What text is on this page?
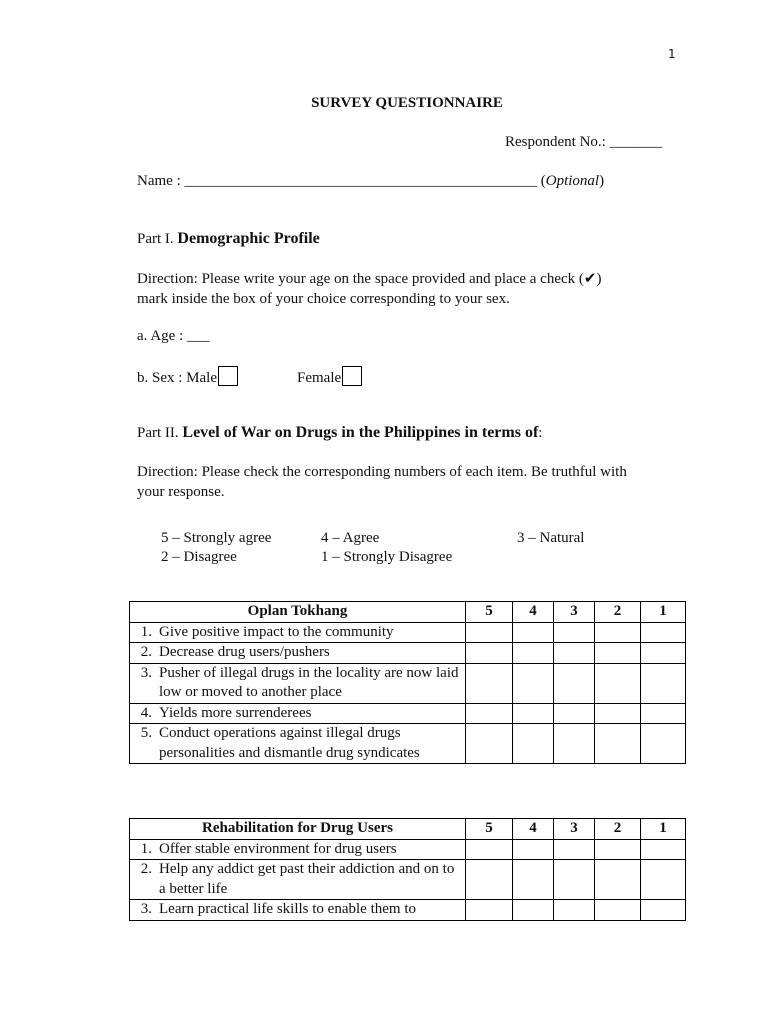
1
SURVEY QUESTIONNAIRE
Respondent No.: _______
Name : _______________________________________________ (Optional)
Part I. Demographic Profile
Direction: Please write your age on the space provided and place a check (✔)
mark inside the box of your choice corresponding to your sex.
a. Age : ___
b. Sex : Male	Female
Part II. Level of War on Drugs in the Philippines in terms of:
Direction: Please check the corresponding numbers of each item. Be truthful with
your response.
5 – Strongly agree	4 – Agree	3 – Natural
2 – Disagree	1 – Strongly Disagree
Oplan Tokhang	5	4	3	2	1

1. Give positive impact to the community					

2. Decrease drug users/pushers					

3. Pusher of illegal drugs in the locality are now laid low or moved to another place					

4. Yields more surrenderees					

5. Conduct operations against illegal drugs personalities and dismantle drug syndicates					

Rehabilitation for Drug Users	5	4	3	2	1

1. Offer stable environment for drug users					

2. Help any addict get past their addiction and on to a better life					

3. Learn practical life skills to enable them to					
